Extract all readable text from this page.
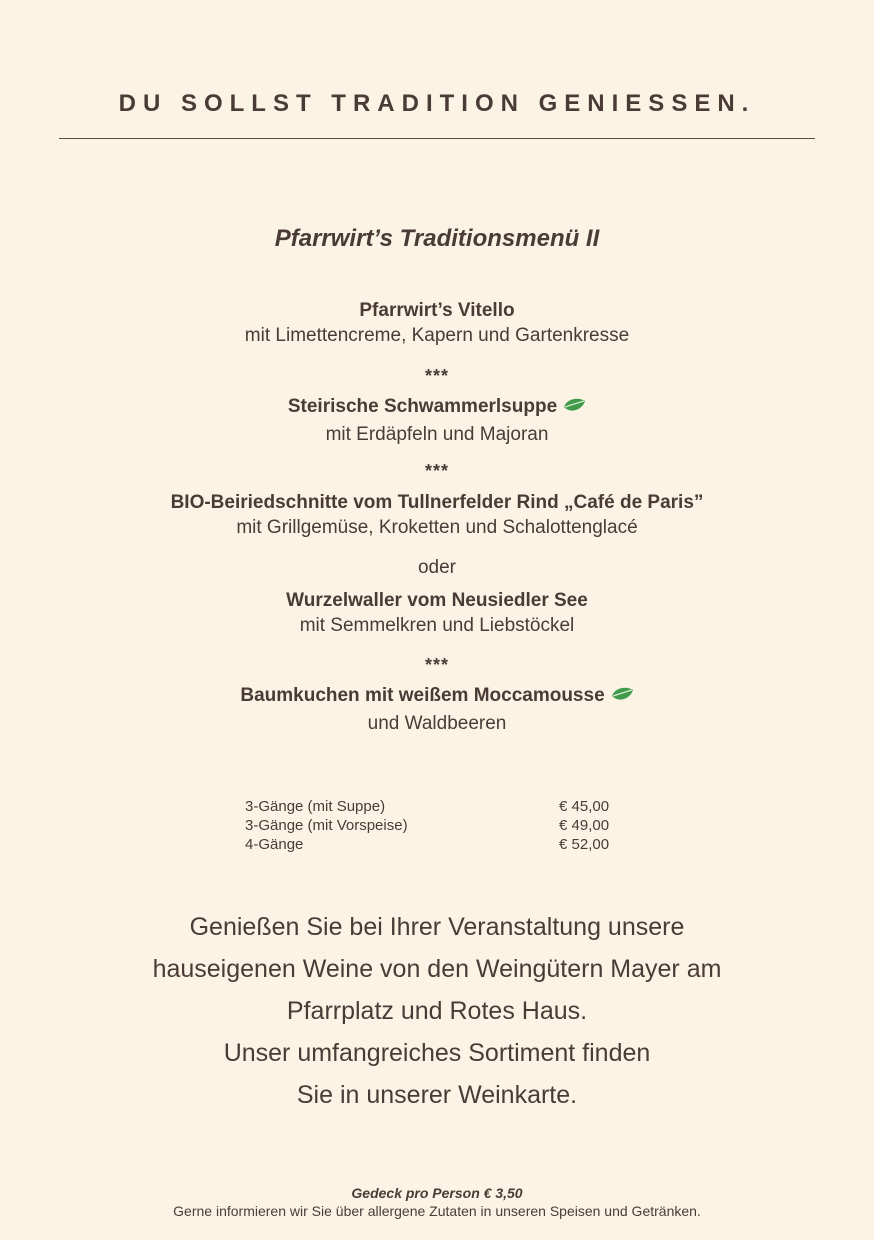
DU SOLLST TRADITION GENIESSEN.
Pfarrwirt’s Traditionsmenü II
Pfarrwirt’s Vitello
mit Limettencreme, Kapern und Gartenkresse
***
Steirische Schwammerlsuppe
mit Erdäpfeln und Majoran
***
BIO-Beiriedschnitte vom Tullnerfelder Rind „Café de Paris”
mit Grillgemüse, Kroketten und Schalottenglacé
oder
Wurzelwaller vom Neusiedler See
mit Semmelkren und Liebstöckel
***
Baumkuchen mit weißem Moccamousse
und Waldbeeren
3-Gänge (mit Suppe)	€ 45,00
3-Gänge (mit Vorspeise)	€ 49,00
4-Gänge	€ 52,00
Genießen Sie bei Ihrer Veranstaltung unsere
hauseigenen Weine von den Weingütern Mayer am
Pfarrplatz und Rotes Haus.
Unser umfangreiches Sortiment finden
Sie in unserer Weinkarte.
Gedeck pro Person € 3,50
Gerne informieren wir Sie über allergene Zutaten in unseren Speisen und Getränken.
